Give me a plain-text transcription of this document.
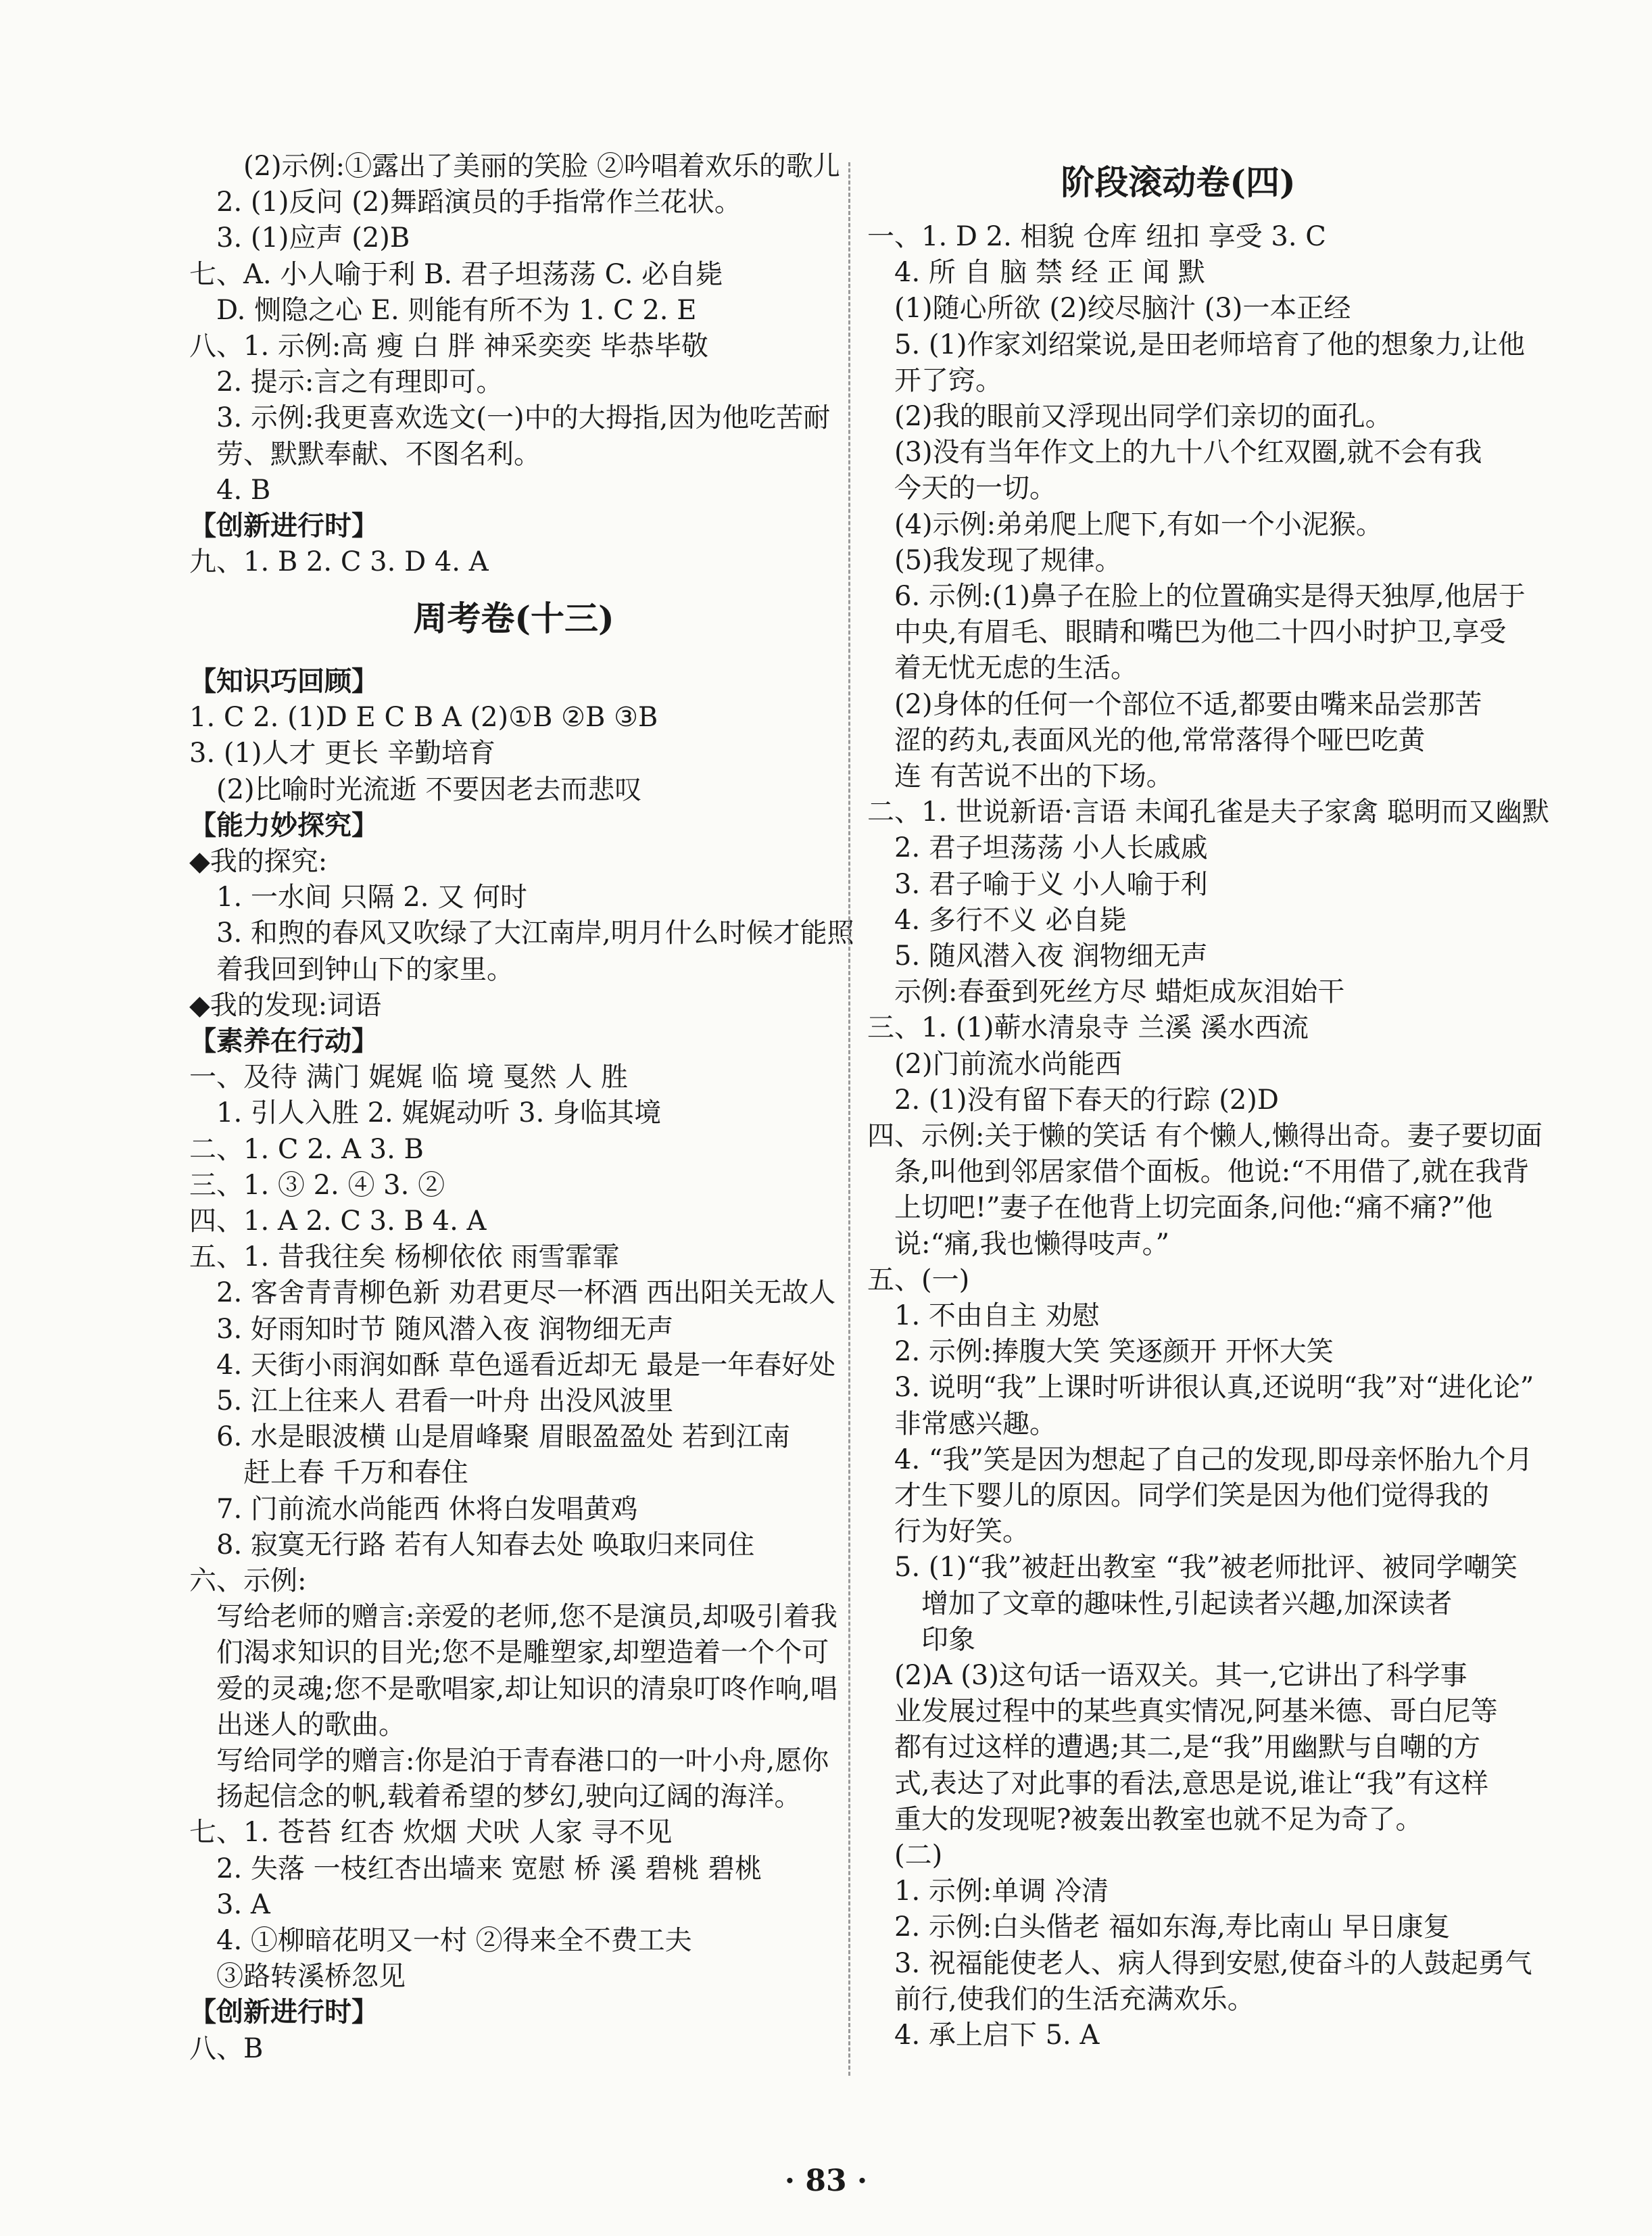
(2)示例:①露出了美丽的笑脸 ②吟唱着欢乐的歌儿
2. (1)反问 (2)舞蹈演员的手指常作兰花状。
3. (1)应声 (2)B
七、A. 小人喻于利 B. 君子坦荡荡 C. 必自毙
D. 恻隐之心 E. 则能有所不为 1. C 2. E
八、1. 示例:高 瘦 白 胖 神采奕奕 毕恭毕敬
2. 提示:言之有理即可。
3. 示例:我更喜欢选文(一)中的大拇指,因为他吃苦耐
劳、默默奉献、不图名利。
4. B
【创新进行时】
九、1. B 2. C 3. D 4. A
周考卷(十三)
【知识巧回顾】
1. C 2. (1)D E C B A (2)①B ②B ③B
3. (1)人才 更长 辛勤培育
(2)比喻时光流逝 不要因老去而悲叹
【能力妙探究】
◆我的探究:
1. 一水间 只隔 2. 又 何时
3. 和煦的春风又吹绿了大江南岸,明月什么时候才能照
着我回到钟山下的家里。
◆我的发现:词语
【素养在行动】
一、及待 满门 娓娓 临 境 戛然 人 胜
1. 引人入胜 2. 娓娓动听 3. 身临其境
二、1. C 2. A 3. B
三、1. ③ 2. ④ 3. ②
四、1. A 2. C 3. B 4. A
五、1. 昔我往矣 杨柳依依 雨雪霏霏
2. 客舍青青柳色新 劝君更尽一杯酒 西出阳关无故人
3. 好雨知时节 随风潜入夜 润物细无声
4. 天街小雨润如酥 草色遥看近却无 最是一年春好处
5. 江上往来人 君看一叶舟 出没风波里
6. 水是眼波横 山是眉峰聚 眉眼盈盈处 若到江南
赶上春 千万和春住
7. 门前流水尚能西 休将白发唱黄鸡
8. 寂寞无行路 若有人知春去处 唤取归来同住
六、示例:
写给老师的赠言:亲爱的老师,您不是演员,却吸引着我
们渴求知识的目光;您不是雕塑家,却塑造着一个个可
爱的灵魂;您不是歌唱家,却让知识的清泉叮咚作响,唱
出迷人的歌曲。
写给同学的赠言:你是泊于青春港口的一叶小舟,愿你
扬起信念的帆,载着希望的梦幻,驶向辽阔的海洋。
七、1. 苍苔 红杏 炊烟 犬吠 人家 寻不见
2. 失落 一枝红杏出墙来 宽慰 桥 溪 碧桃 碧桃
3. A
4. ①柳暗花明又一村 ②得来全不费工夫
③路转溪桥忽见
【创新进行时】
八、B
阶段滚动卷(四)
一、1. D 2. 相貌 仓库 纽扣 享受 3. C
4. 所 自 脑 禁 经 正 闻 默
(1)随心所欲 (2)绞尽脑汁 (3)一本正经
5. (1)作家刘绍棠说,是田老师培育了他的想象力,让他
开了窍。
(2)我的眼前又浮现出同学们亲切的面孔。
(3)没有当年作文上的九十八个红双圈,就不会有我
今天的一切。
(4)示例:弟弟爬上爬下,有如一个小泥猴。
(5)我发现了规律。
6. 示例:(1)鼻子在脸上的位置确实是得天独厚,他居于
中央,有眉毛、眼睛和嘴巴为他二十四小时护卫,享受
着无忧无虑的生活。
(2)身体的任何一个部位不适,都要由嘴来品尝那苦
涩的药丸,表面风光的他,常常落得个哑巴吃黄
连 有苦说不出的下场。
二、1. 世说新语·言语 未闻孔雀是夫子家禽 聪明而又幽默
2. 君子坦荡荡 小人长戚戚
3. 君子喻于义 小人喻于利
4. 多行不义 必自毙
5. 随风潜入夜 润物细无声
示例:春蚕到死丝方尽 蜡炬成灰泪始干
三、1. (1)蕲水清泉寺 兰溪 溪水西流
(2)门前流水尚能西
2. (1)没有留下春天的行踪 (2)D
四、示例:关于懒的笑话 有个懒人,懒得出奇。妻子要切面
条,叫他到邻居家借个面板。他说:“不用借了,就在我背
上切吧!”妻子在他背上切完面条,问他:“痛不痛?”他
说:“痛,我也懒得吱声。”
五、(一)
1. 不由自主 劝慰
2. 示例:捧腹大笑 笑逐颜开 开怀大笑
3. 说明“我”上课时听讲很认真,还说明“我”对“进化论”
非常感兴趣。
4. “我”笑是因为想起了自己的发现,即母亲怀胎九个月
才生下婴儿的原因。同学们笑是因为他们觉得我的
行为好笑。
5. (1)“我”被赶出教室 “我”被老师批评、被同学嘲笑
增加了文章的趣味性,引起读者兴趣,加深读者
印象
(2)A (3)这句话一语双关。其一,它讲出了科学事
业发展过程中的某些真实情况,阿基米德、哥白尼等
都有过这样的遭遇;其二,是“我”用幽默与自嘲的方
式,表达了对此事的看法,意思是说,谁让“我”有这样
重大的发现呢?被轰出教室也就不足为奇了。
(二)
1. 示例:单调 冷清
2. 示例:白头偕老 福如东海,寿比南山 早日康复
3. 祝福能使老人、病人得到安慰,使奋斗的人鼓起勇气
前行,使我们的生活充满欢乐。
4. 承上启下 5. A
· 83 ·
